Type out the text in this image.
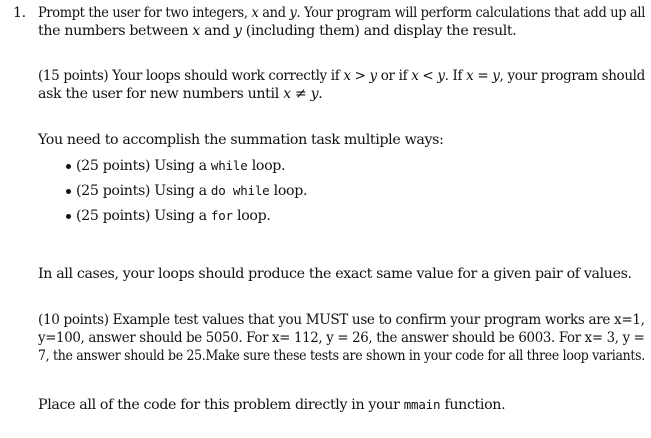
1. Prompt the user for two integers, x and y. Your program will perform calculations that add up all
the numbers between x and y (including them) and display the result.
(15 points) Your loops should work correctly if x > y or if x < y. If x = y, your program should
ask the user for new numbers until x ≠ y.
You need to accomplish the summation task multiple ways:
(25 points) Using a while loop.
(25 points) Using a do while loop.
(25 points) Using a for loop.
In all cases, your loops should produce the exact same value for a given pair of values.
(10 points) Example test values that you MUST use to confirm your program works are x=1,
y=100, answer should be 5050. For x= 112, y = 26, the answer should be 6003. For x= 3, y =
7, the answer should be 25.Make sure these tests are shown in your code for all three loop variants.
Place all of the code for this problem directly in your mmain function.
